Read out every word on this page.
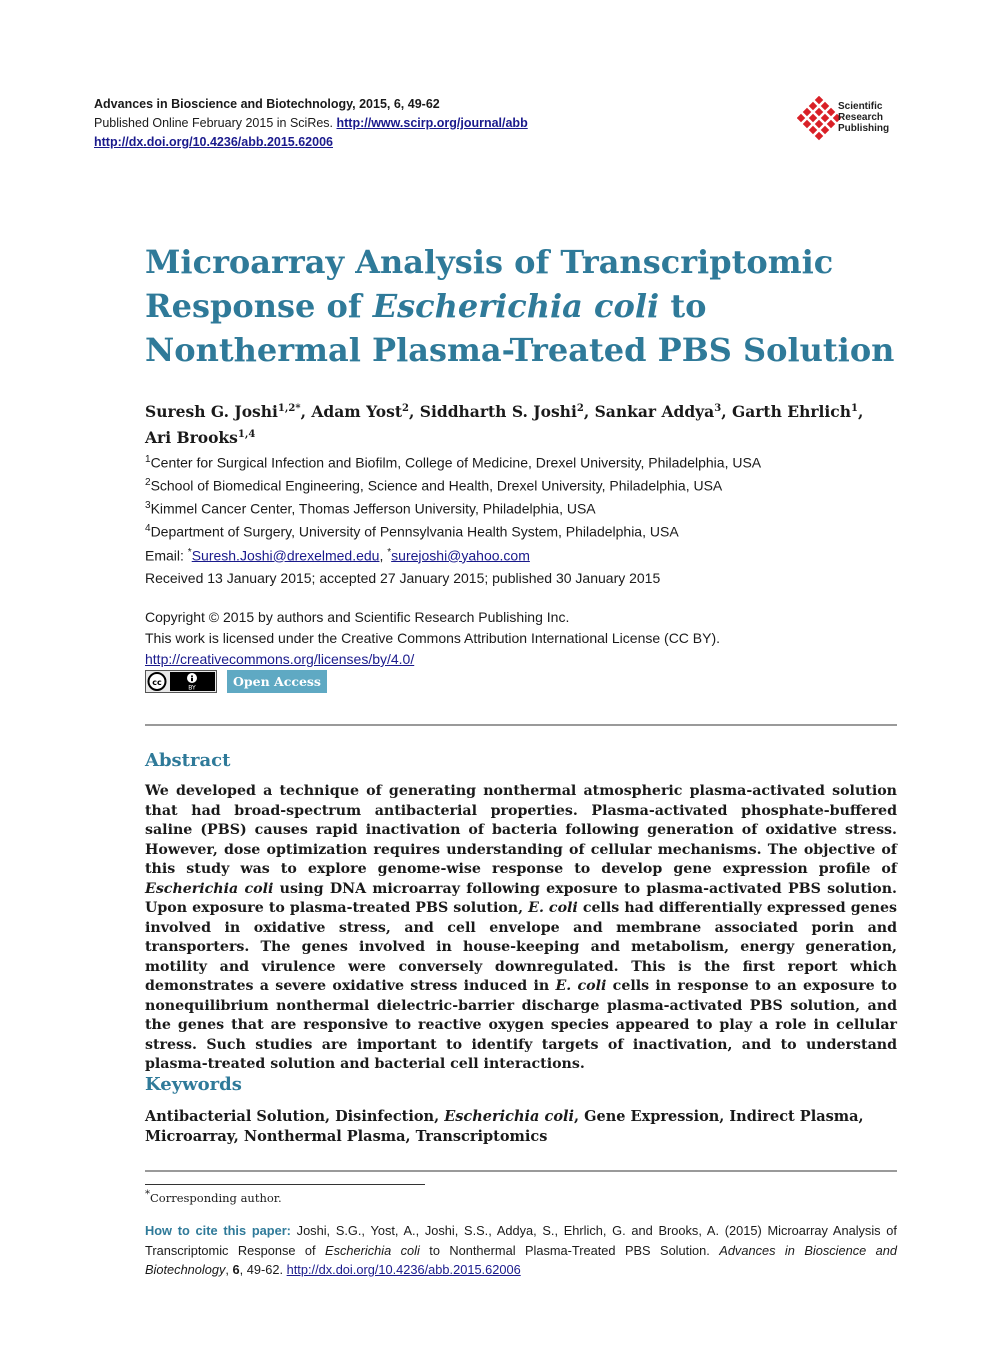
Advances in Bioscience and Biotechnology, 2015, 6, 49-62
Published Online February 2015 in SciRes. http://www.scirp.org/journal/abb
http://dx.doi.org/10.4236/abb.2015.62006
Scientific
Research
Publishing
Microarray Analysis of Transcriptomic Response of Escherichia coli to Nonthermal Plasma-Treated PBS Solution
Suresh G. Joshi$^{1,2*}$, Adam Yost$^2$, Siddharth S. Joshi$^2$, Sankar Addya$^3$, Garth Ehrlich$^1$,
Ari Brooks$^{1,4}$
$^1$Center for Surgical Infection and Biofilm, College of Medicine, Drexel University, Philadelphia, USA
$^2$School of Biomedical Engineering, Science and Health, Drexel University, Philadelphia, USA
$^3$Kimmel Cancer Center, Thomas Jefferson University, Philadelphia, USA
$^4$Department of Surgery, University of Pennsylvania Health System, Philadelphia, USA
Email: *Suresh.Joshi@drexelmed.edu, *surejoshi@yahoo.com
Received 13 January 2015; accepted 27 January 2015; published 30 January 2015
Copyright © 2015 by authors and Scientific Research Publishing Inc.
This work is licensed under the Creative Commons Attribution International License (CC BY).
http://creativecommons.org/licenses/by/4.0/
cc
BY	Open Access
Abstract
We developed a technique of generating nonthermal atmospheric plasma-activated solution that had broad-spectrum antibacterial properties. Plasma-activated phosphate-buffered saline (PBS) causes rapid inactivation of bacteria following generation of oxidative stress. However, dose optimization requires understanding of cellular mechanisms. The objective of this study was to explore genome-wise response to develop gene expression profile of Escherichia coli using DNA microarray following exposure to plasma-activated PBS solution. Upon exposure to plasma-treated PBS solution, E. coli cells had differentially expressed genes involved in oxidative stress, and cell envelope and membrane associated porin and transporters. The genes involved in house-keeping and metabolism, energy generation, motility and virulence were conversely downregulated. This is the first report which demonstrates a severe oxidative stress induced in E. coli cells in response to an exposure to nonequilibrium nonthermal dielectric-barrier discharge plasma-activated PBS solution, and the genes that are responsive to reactive oxygen species appeared to play a role in cellular stress. Such studies are important to identify targets of inactivation, and to understand plasma-treated solution and bacterial cell interactions.
Keywords
Antibacterial Solution, Disinfection, Escherichia coli, Gene Expression, Indirect Plasma, Microarray, Nonthermal Plasma, Transcriptomics
*Corresponding author.
How to cite this paper: Joshi, S.G., Yost, A., Joshi, S.S., Addya, S., Ehrlich, G. and Brooks, A. (2015) Microarray Analysis of Transcriptomic Response of Escherichia coli to Nonthermal Plasma-Treated PBS Solution. Advances in Bioscience and Biotechnology, 6, 49-62. http://dx.doi.org/10.4236/abb.2015.62006
